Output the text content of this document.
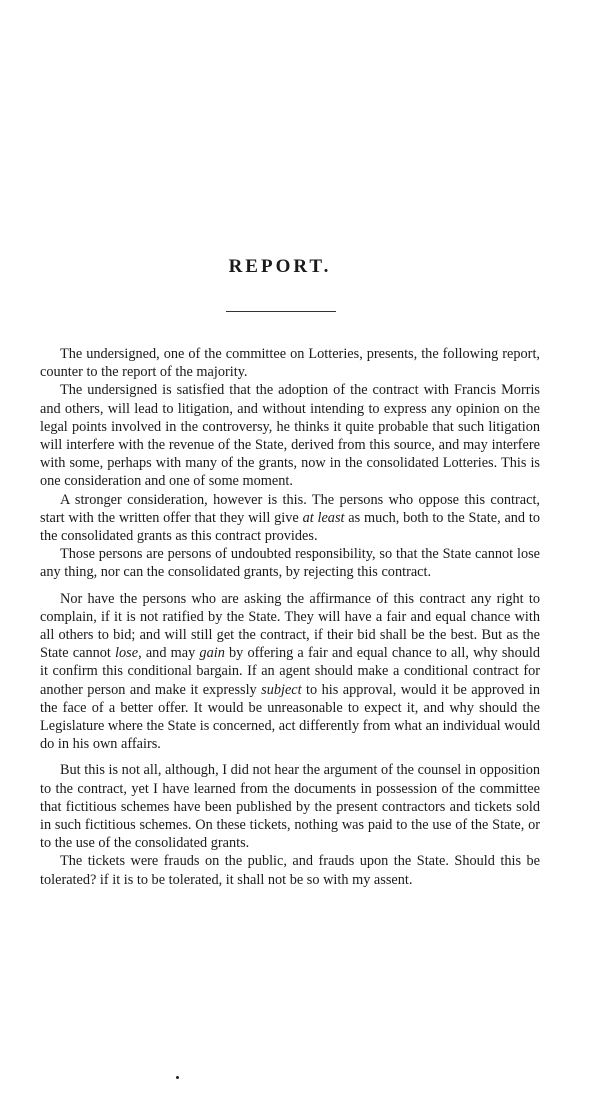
REPORT.

The undersigned, one of the committee on Lotteries, presents, the following report, counter to the report of the majority.

The undersigned is satisfied that the adoption of the contract with Francis Morris and others, will lead to litigation, and without intending to express any opinion on the legal points involved in the controversy, he thinks it quite probable that such litigation will interfere with the revenue of the State, derived from this source, and may interfere with some, perhaps with many of the grants, now in the consolidated Lotteries. This is one consideration and one of some moment.

A stronger consideration, however is this. The persons who oppose this contract, start with the written offer that they will give at least as much, both to the State, and to the consolidated grants as this contract provides.

Those persons are persons of undoubted responsibility, so that the State cannot lose any thing, nor can the consolidated grants, by rejecting this contract.

Nor have the persons who are asking the affirmance of this contract any right to complain, if it is not ratified by the State. They will have a fair and equal chance with all others to bid; and will still get the contract, if their bid shall be the best. But as the State cannot lose, and may gain by offering a fair and equal chance to all, why should it confirm this conditional bargain. If an agent should make a conditional contract for another person and make it expressly subject to his approval, would it be approved in the face of a better offer. It would be unreasonable to expect it, and why should the Legislature where the State is concerned, act differently from what an individual would do in his own affairs.

But this is not all, although, I did not hear the argument of the counsel in opposition to the contract, yet I have learned from the documents in possession of the committee that fictitious schemes have been published by the present contractors and tickets sold in such fictitious schemes. On these tickets, nothing was paid to the use of the State, or to the use of the consolidated grants.

The tickets were frauds on the public, and frauds upon the State. Should this be tolerated? if it is to be tolerated, it shall not be so with my assent.
